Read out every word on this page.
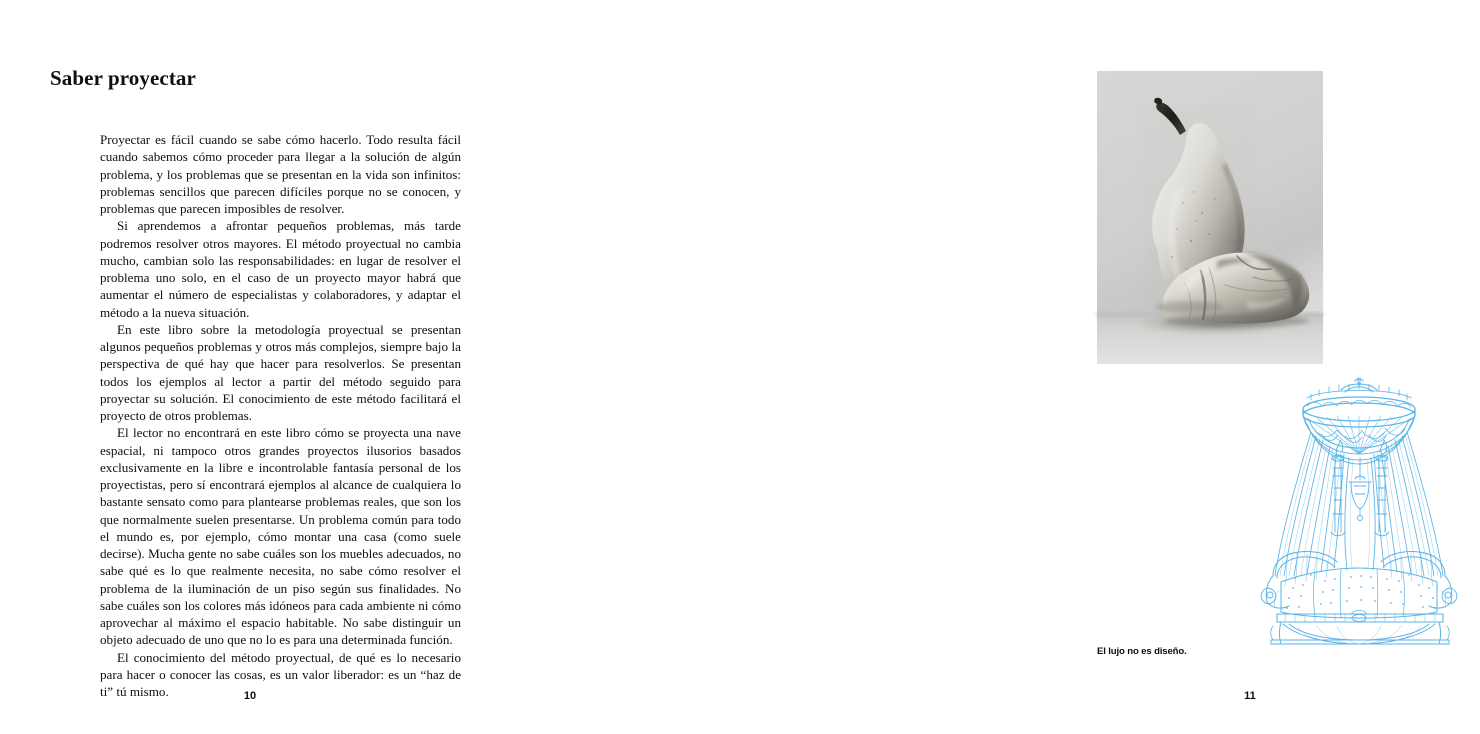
Saber proyectar

Proyectar es fácil cuando se sabe cómo hacerlo. Todo resulta fácil cuando sabemos cómo proceder para llegar a la solución de algún problema, y los problemas que se presentan en la vida son infinitos: problemas sencillos que parecen difíciles porque no se conocen, y problemas que parecen imposibles de resolver.

Si aprendemos a afrontar pequeños problemas, más tarde podremos resolver otros mayores. El método proyectual no cambia mucho, cambian solo las responsabilidades: en lugar de resolver el problema uno solo, en el caso de un proyecto mayor habrá que aumentar el número de especialistas y colaboradores, y adaptar el método a la nueva situación.

En este libro sobre la metodología proyectual se presentan algunos pequeños problemas y otros más complejos, siempre bajo la perspectiva de qué hay que hacer para resolverlos. Se presentan todos los ejemplos al lector a partir del método seguido para proyectar su solución. El conocimiento de este método facilitará el proyecto de otros problemas.

El lector no encontrará en este libro cómo se proyecta una nave espacial, ni tampoco otros grandes proyectos ilusorios basados exclusivamente en la libre e incontrolable fantasía personal de los proyectistas, pero sí encontrará ejemplos al alcance de cualquiera lo bastante sensato como para plantearse problemas reales, que son los que normalmente suelen presentarse. Un problema común para todo el mundo es, por ejemplo, cómo montar una casa (como suele decirse). Mucha gente no sabe cuáles son los muebles adecuados, no sabe qué es lo que realmente necesita, no sabe cómo resolver el problema de la iluminación de un piso según sus finalidades. No sabe cuáles son los colores más idóneos para cada ambiente ni cómo aprovechar al máximo el espacio habitable. No sabe distinguir un objeto adecuado de uno que no lo es para una determinada función.

El conocimiento del método proyectual, de qué es lo necesario para hacer o conocer las cosas, es un valor liberador: es un “haz de ti” tú mismo.	10
El lujo no es diseño.
11
